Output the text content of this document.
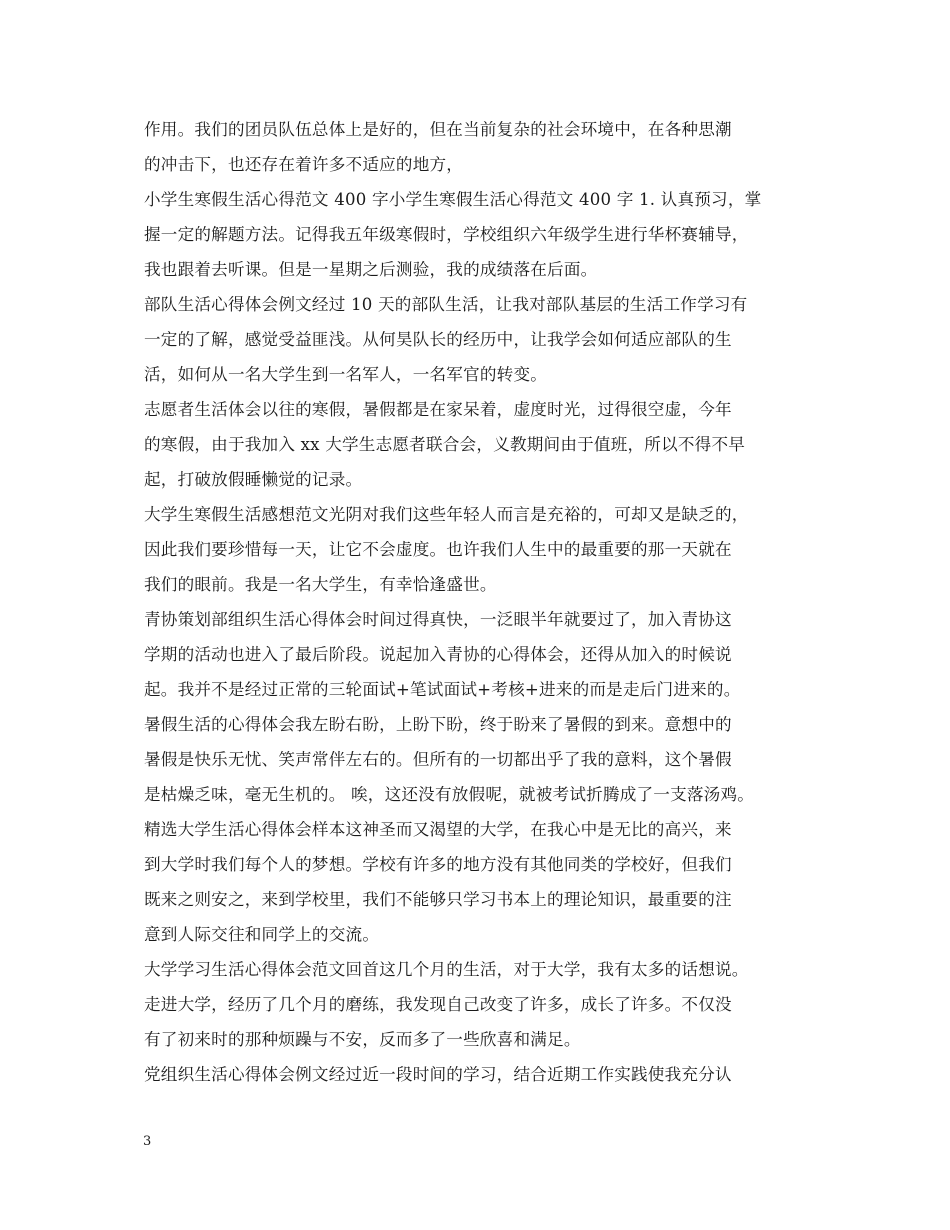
作用。我们的团员队伍总体上是好的，但在当前复杂的社会环境中，在各种思潮
的冲击下，也还存在着许多不适应的地方，
小学生寒假生活心得范文 400 字小学生寒假生活心得范文 400 字 1. 认真预习，掌
握一定的解题方法。记得我五年级寒假时，学校组织六年级学生进行华杯赛辅导，
我也跟着去听课。但是一星期之后测验，我的成绩落在后面。
部队生活心得体会例文经过 10 天的部队生活，让我对部队基层的生活工作学习有
一定的了解，感觉受益匪浅。从何昊队长的经历中，让我学会如何适应部队的生
活，如何从一名大学生到一名军人，一名军官的转变。
志愿者生活体会以往的寒假，暑假都是在家呆着，虚度时光，过得很空虚，今年
的寒假，由于我加入 xx 大学生志愿者联合会，义教期间由于值班，所以不得不早
起，打破放假睡懒觉的记录。
大学生寒假生活感想范文光阴对我们这些年轻人而言是充裕的，可却又是缺乏的，
因此我们要珍惜每一天，让它不会虚度。也许我们人生中的最重要的那一天就在
我们的眼前。我是一名大学生，有幸恰逢盛世。
青协策划部组织生活心得体会时间过得真快，一泛眼半年就要过了，加入青协这
学期的活动也进入了最后阶段。说起加入青协的心得体会，还得从加入的时候说
起。我并不是经过正常的三轮面试+笔试面试+考核+进来的而是走后门进来的。
暑假生活的心得体会我左盼右盼，上盼下盼，终于盼来了暑假的到来。意想中的
暑假是快乐无忧、笑声常伴左右的。但所有的一切都出乎了我的意料，这个暑假
是枯燥乏味，毫无生机的。 唉，这还没有放假呢，就被考试折腾成了一支落汤鸡。
精选大学生活心得体会样本这神圣而又渴望的大学，在我心中是无比的高兴，来
到大学时我们每个人的梦想。学校有许多的地方没有其他同类的学校好，但我们
既来之则安之，来到学校里，我们不能够只学习书本上的理论知识，最重要的注
意到人际交往和同学上的交流。
大学学习生活心得体会范文回首这几个月的生活，对于大学，我有太多的话想说。
走进大学，经历了几个月的磨练，我发现自己改变了许多，成长了许多。不仅没
有了初来时的那种烦躁与不安，反而多了一些欣喜和满足。
党组织生活心得体会例文经过近一段时间的学习，结合近期工作实践使我充分认
3
